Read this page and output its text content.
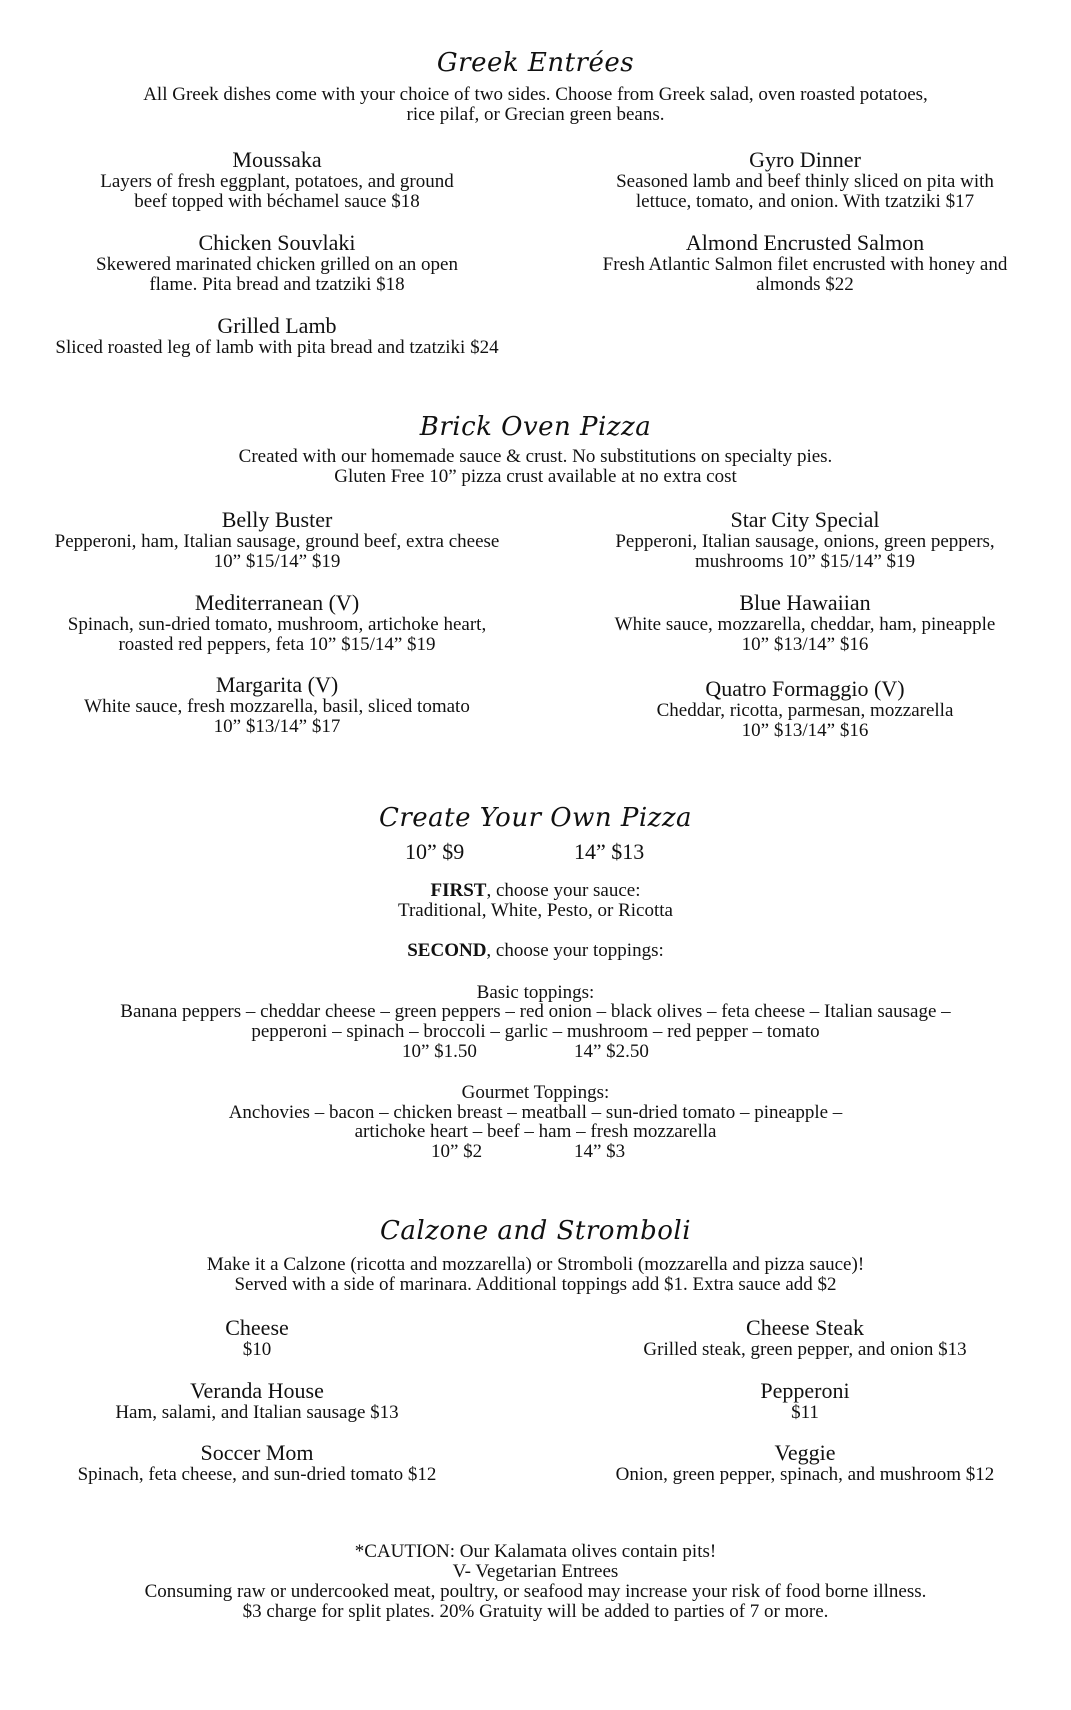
Greek Entrées
All Greek dishes come with your choice of two sides. Choose from Greek salad, oven roasted potatoes,
rice pilaf, or Grecian green beans.
Moussaka
Layers of fresh eggplant, potatoes, and ground
beef topped with béchamel sauce $18
Gyro Dinner
Seasoned lamb and beef thinly sliced on pita with
lettuce, tomato, and onion. With tzatziki $17
Chicken Souvlaki
Skewered marinated chicken grilled on an open
flame. Pita bread and tzatziki $18
Almond Encrusted Salmon
Fresh Atlantic Salmon filet encrusted with honey and
almonds $22
Grilled Lamb
Sliced roasted leg of lamb with pita bread and tzatziki $24
Brick Oven Pizza
Created with our homemade sauce & crust. No substitutions on specialty pies.
Gluten Free 10” pizza crust available at no extra cost
Belly Buster
Pepperoni, ham, Italian sausage, ground beef, extra cheese
10” $15/14” $19
Star City Special
Pepperoni, Italian sausage, onions, green peppers,
mushrooms 10” $15/14” $19
Mediterranean (V)
Spinach, sun-dried tomato, mushroom, artichoke heart,
roasted red peppers, feta 10” $15/14” $19
Blue Hawaiian
White sauce, mozzarella, cheddar, ham, pineapple
10” $13/14” $16
Margarita (V)
White sauce, fresh mozzarella, basil, sliced tomato
10” $13/14” $17
Quatro Formaggio (V)
Cheddar, ricotta, parmesan, mozzarella
10” $13/14” $16
Create Your Own Pizza
10” $9	14” $13
FIRST, choose your sauce:
Traditional, White, Pesto, or Ricotta
SECOND, choose your toppings:
Basic toppings:
Banana peppers – cheddar cheese – green peppers – red onion – black olives – feta cheese – Italian sausage –
pepperoni – spinach – broccoli – garlic – mushroom – red pepper – tomato
10” $1.50	14” $2.50
Gourmet Toppings:
Anchovies – bacon – chicken breast – meatball – sun-dried tomato – pineapple –
artichoke heart – beef – ham – fresh mozzarella
10” $2	14” $3
Calzone and Stromboli
Make it a Calzone (ricotta and mozzarella) or Stromboli (mozzarella and pizza sauce)!
Served with a side of marinara. Additional toppings add $1. Extra sauce add $2
Cheese
$10
Cheese Steak
Grilled steak, green pepper, and onion $13
Veranda House
Ham, salami, and Italian sausage $13
Pepperoni
$11
Soccer Mom
Spinach, feta cheese, and sun-dried tomato $12
Veggie
Onion, green pepper, spinach, and mushroom $12
*CAUTION: Our Kalamata olives contain pits!
V- Vegetarian Entrees
Consuming raw or undercooked meat, poultry, or seafood may increase your risk of food borne illness.
$3 charge for split plates. 20% Gratuity will be added to parties of 7 or more.
